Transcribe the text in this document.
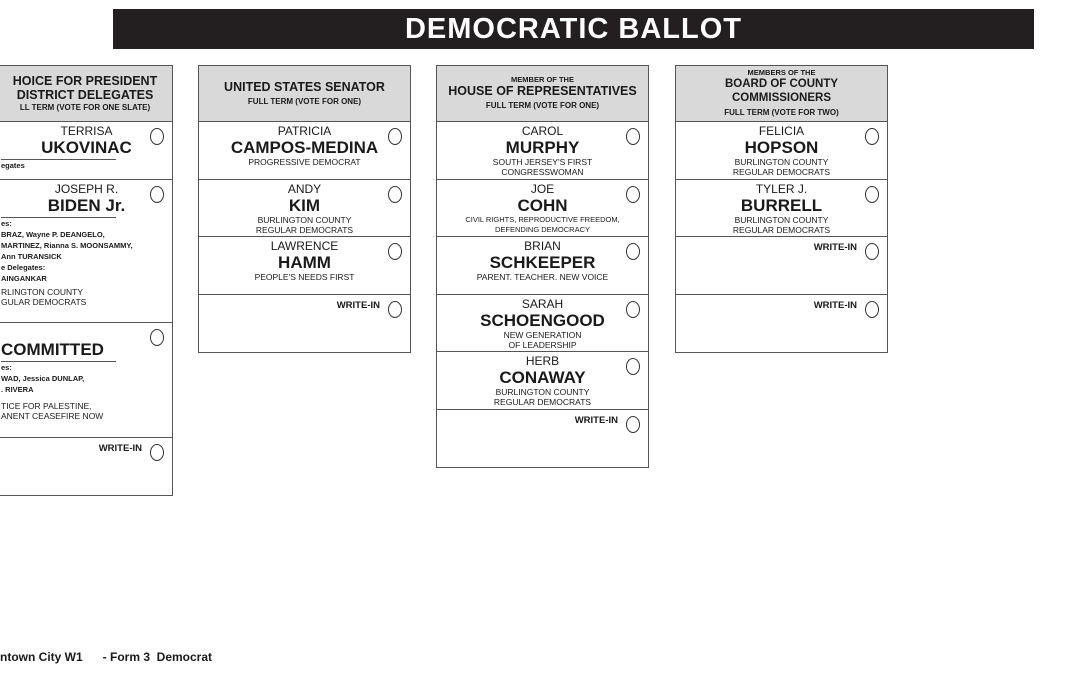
DEMOCRATIC BALLOT
HOICE FOR PRESIDENT
DISTRICT DELEGATES
LL TERM (VOTE FOR ONE SLATE)
TERRISA
UKOVINAC
egates
JOSEPH R.
BIDEN Jr.
es:
BRAZ, Wayne P. DEANGELO,
MARTINEZ, Rianna S. MOONSAMMY,
Ann TURANSICK
e Delegates:
AINGANKAR
RLINGTON COUNTY
GULAR DEMOCRATS
COMMITTED
es:
WAD, Jessica DUNLAP,
. RIVERA
TICE FOR PALESTINE,
ANENT CEASEFIRE NOW
WRITE-IN
UNITED STATES SENATOR
FULL TERM (VOTE FOR ONE)
PATRICIA
CAMPOS-MEDINA
PROGRESSIVE DEMOCRAT
ANDY
KIM
BURLINGTON COUNTY
REGULAR DEMOCRATS
LAWRENCE
HAMM
PEOPLE'S NEEDS FIRST
WRITE-IN
MEMBER OF THE
HOUSE OF REPRESENTATIVES
FULL TERM (VOTE FOR ONE)
CAROL
MURPHY
SOUTH JERSEY'S FIRST
CONGRESSWOMAN
JOE
COHN
CIVIL RIGHTS, REPRODUCTIVE FREEDOM,
DEFENDING DEMOCRACY
BRIAN
SCHKEEPER
PARENT. TEACHER. NEW VOICE
SARAH
SCHOENGOOD
NEW GENERATION
OF LEADERSHIP
HERB
CONAWAY
BURLINGTON COUNTY
REGULAR DEMOCRATS
WRITE-IN
MEMBERS OF THE
BOARD OF COUNTY COMMISSIONERS
FULL TERM (VOTE FOR TWO)
FELICIA
HOPSON
BURLINGTON COUNTY
REGULAR DEMOCRATS
TYLER J.
BURRELL
BURLINGTON COUNTY
REGULAR DEMOCRATS
WRITE-IN
WRITE-IN
ntown City W1      - Form 3  Democrat
